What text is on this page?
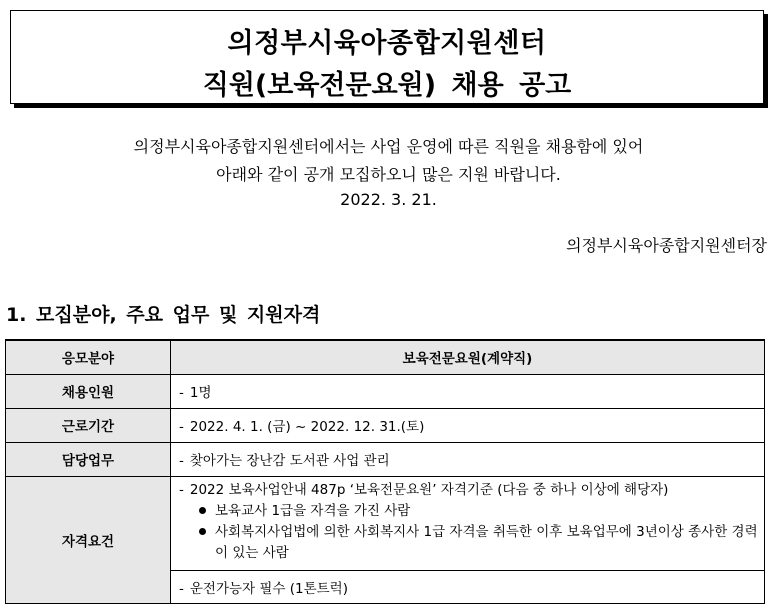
의정부시육아종합지원센터
직원(보육전문요원) 채용 공고
의정부시육아종합지원센터에서는 사업 운영에 따른 직원을 채용함에 있어
아래와 같이 공개 모집하오니 많은 지원 바랍니다.
2022. 3. 21.
의정부시육아종합지원센터장
1. 모집분야, 주요 업무 및 지원자격
응모분야	보육전문요원(계약직)
채용인원	- 1명
근로기간	- 2022. 4. 1. (금) ~ 2022. 12. 31.(토)
담당업무	- 찾아가는 장난감 도서관 사업 관리
자격요건	- 2022 보육사업안내 487p ‘보육전문요원’ 자격기준 (다음 중 하나 이상에 해당자)
보육교사 1급을 자격을 가진 사람
사회복지사업법에 의한 사회복지사 1급 자격을 취득한 이후 보육업무에 3년이상 종사한 경력이 있는 사람
- 운전가능자 필수 (1톤트럭)
